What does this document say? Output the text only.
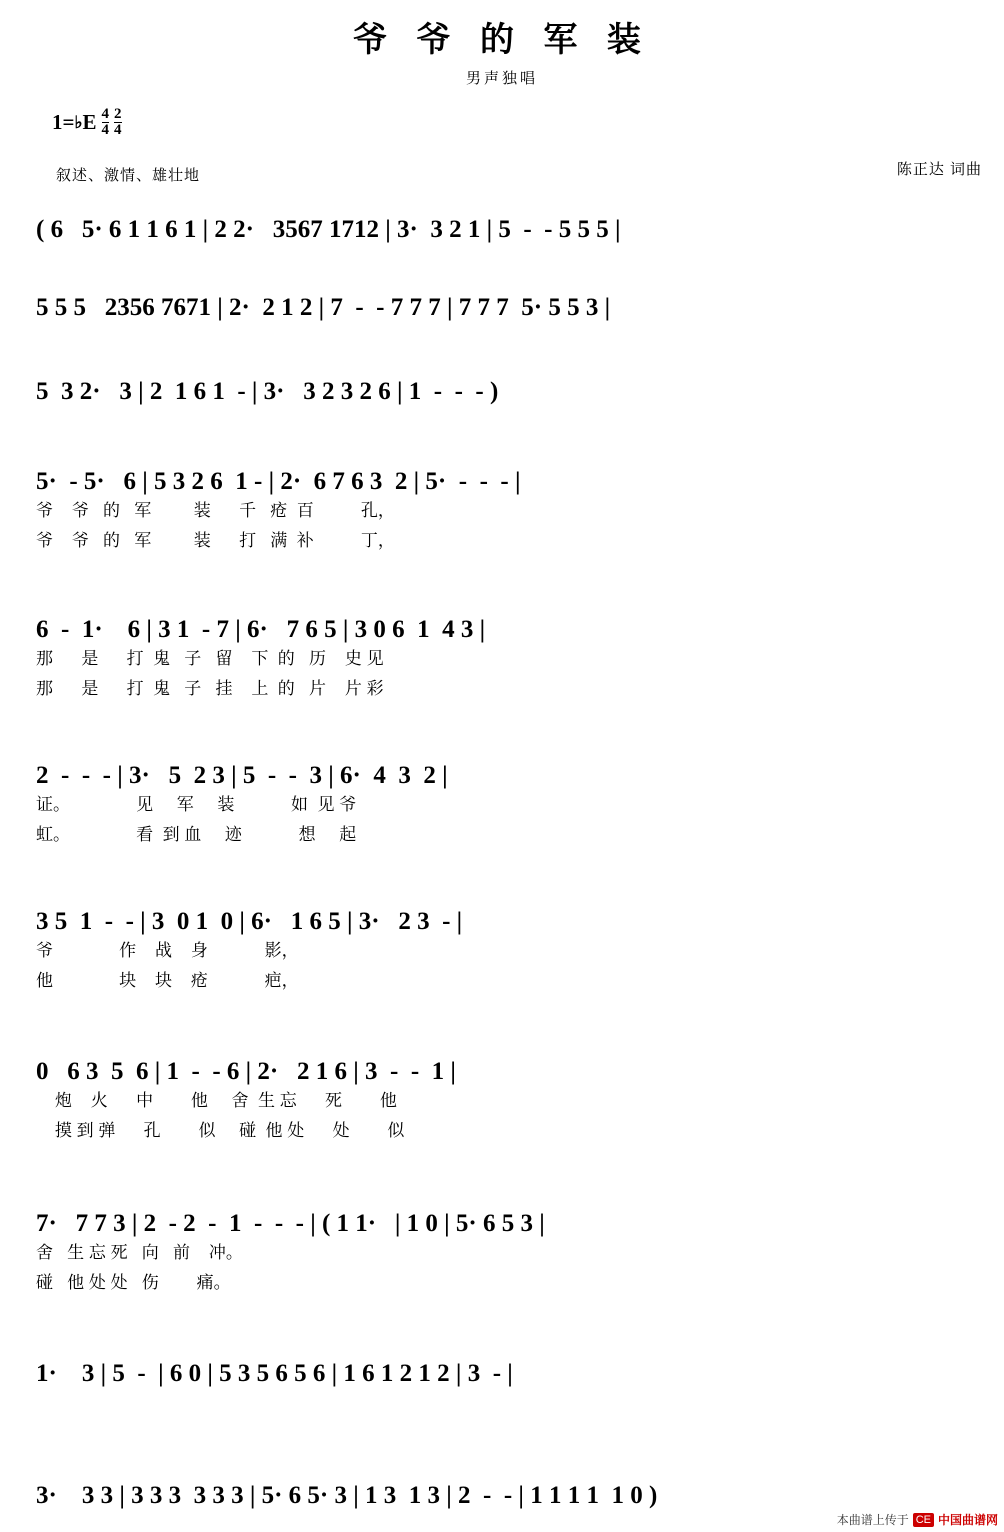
爷 爷 的 军 装
男声独唱
1= ♭ E $\frac{4}{4} \frac{2}{4}$
叙述、激情、雄壮地	陈正达 词曲
( 6   5· 6 1 1 6 1 | 2 2·   3567 1712 | 3·  3 2 1 | 5  -  - 5 5 5 |
5 5 5   2356 7671 | 2·  2 1 2 | 7  -  - 7 7 7 | 7 7 7  5· 5 5 3 |
5  3 2·   3 | 2  1 6 1  - | 3·   3 2 3 2 6 | 1  -  -  - )
5·  - 5·   6 | 5 3 2 6  1 - | 2·  6 7 6 3  2 | 5·  -  -  - |
爷    爷   的   军         装      千   疮  百          孔，
爷    爷   的   军         装      打   满  补          丁，
6  -  1·    6 | 3 1  - 7 | 6·   7 6 5 | 3 0 6  1  4 3 |
那      是      打  鬼   子   留    下  的   历    史 见
那      是      打  鬼   子   挂    上  的   片    片 彩
2  -  -  - | 3·   5  2 3 | 5  -  -  3 | 6·  4  3  2 |
证。              见     军     装            如  见 爷
虹。              看  到 血     迹            想     起
3 5  1  -  - | 3  0 1  0 | 6·   1 6 5 | 3·   2 3  - |
爷              作    战    身            影，
他              块    块    疮            疤，
0   6 3  5  6 | 1  -  - 6 | 2·   2 1 6 | 3  -  -  1 |
炮    火      中        他     舍  生 忘      死        他
摸 到 弹      孔        似     碰  他 处      处        似
7·   7 7 3 | 2  - 2  -  1  -  -  - | ( 1 1·   | 1 0 | 5· 6 5 3 |
舍   生 忘 死   向   前    冲。
碰   他 处 处   伤        痛。
1·    3 | 5  -  | 6 0 | 5 3 5 6 5 6 | 1 6 1 2 1 2 | 3  - |
3·    3 3 | 3 3 3  3 3 3 | 5· 6 5· 3 | 1 3  1 3 | 2  -  - | 1 1 1 1  1 0 )
本曲谱上传于 CE 中国曲谱网
